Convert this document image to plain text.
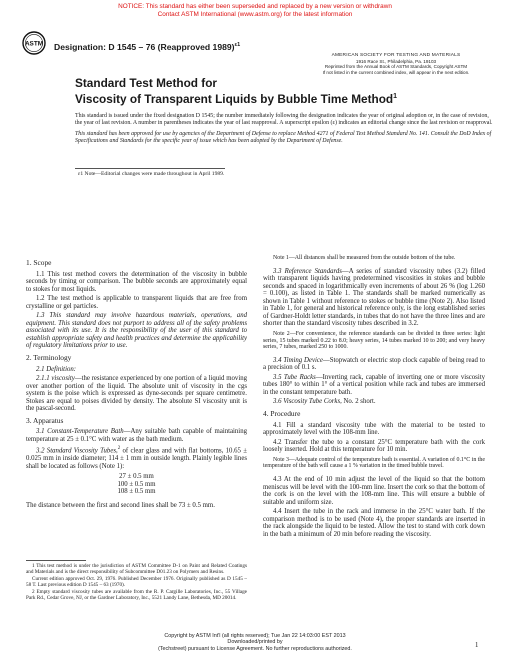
NOTICE: This standard has either been superseded and replaced by a new version or withdrawn
Contact ASTM International (www.astm.org) for the latest information
ASTM Designation: D 1545 – 76 (Reapproved 1989)$^{\varepsilon 1}$
AMERICAN SOCIETY FOR TESTING AND MATERIALS
1916 Race St., Philadelphia, Pa. 19103
Reprinted from the Annual Book of ASTM Standards, Copyright ASTM
If not listed in the current combined index, will appear in the next edition.
Standard Test Method for
Viscosity of Transparent Liquids by Bubble Time Method$^1$

This standard is issued under the fixed designation D 1545; the number immediately following the designation indicates the year of original adoption or, in the case of revision, the year of last revision. A number in parentheses indicates the year of last reapproval. A superscript epsilon (ε) indicates an editorial change since the last revision or reapproval.

This standard has been approved for use by agencies of the Department of Defense to replace Method 4271 of Federal Test Method Standard No. 141. Consult the DoD Index of Specifications and Standards for the specific year of issue which has been adopted by the Department of Defense.

ε1 Note—Editorial changes were made throughout in April 1989.
1. Scope

1.1 This test method covers the determination of the viscosity in bubble seconds by timing or comparison. The bubble seconds are approximately equal to stokes for most liquids.

1.2 The test method is applicable to transparent liquids that are free from crystalline or gel particles.

1.3 This standard may involve hazardous materials, operations, and equipment. This standard does not purport to address all of the safety problems associated with its use. It is the responsibility of the user of this standard to establish appropriate safety and health practices and determine the applicability of regulatory limitations prior to use.

2. Terminology

2.1 Definition:

2.1.1 viscosity—the resistance experienced by one portion of a liquid moving over another portion of the liquid. The absolute unit of viscosity in the cgs system is the poise which is expressed as dyne-seconds per square centimetre. Stokes are equal to poises divided by density. The absolute SI viscosity unit is the pascal-second.

3. Apparatus

3.1 Constant-Temperature Bath—Any suitable bath capable of maintaining temperature at 25 ± 0.1°C with water as the bath medium.

3.2 Standard Viscosity Tubes,$^2$ of clear glass and with flat bottoms, 10.65 ± 0.025 mm in inside diameter; 114 ± 1 mm in outside length. Plainly legible lines shall be located as follows (Note 1):

27 ± 0.5 mm
100 ± 0.5 mm
108 ± 0.5 mm

The distance between the first and second lines shall be 73 ± 0.5 mm.

1 This test method is under the jurisdiction of ASTM Committee D-1 on Paint and Related Coatings and Materials and is the direct responsibility of Subcommittee D01.23 on Polymers and Resins.

Current edition approved Oct. 29, 1976. Published December 1976. Originally published as D 1545 – 58 T. Last previous edition D 1545 – 63 (1970).

2 Empty standard viscosity tubes are available from the R. P. Cargille Laboratories, Inc., 55 Village Park Rd., Cedar Grove, NJ, or the Gardner Laboratory, Inc., 5521 Landy Lane, Bethesda, MD 20014.

Note 1—All distances shall be measured from the outside bottom of the tube.

3.3 Reference Standards—A series of standard viscosity tubes (3.2) filled with transparent liquids having predetermined viscosities in stokes and bubble seconds and spaced in logarithmically even increments of about 26 % (log 1.260 = 0.100), as listed in Table 1. The standards shall be marked numerically as shown in Table 1 without reference to stokes or bubble time (Note 2). Also listed in Table 1, for general and historical reference only, is the long established series of Gardner-Holdt letter standards, in tubes that do not have the three lines and are shorter than the standard viscosity tubes described in 3.2.

Note 2—For convenience, the reference standards can be divided in three series: light series, 15 tubes marked 0.22 to 8.0; heavy series, 14 tubes marked 10 to 200; and very heavy series, 7 tubes, marked 250 to 1000.

3.4 Timing Device—Stopwatch or electric stop clock capable of being read to a precision of 0.1 s.

3.5 Tube Racks—Inverting rack, capable of inverting one or more viscosity tubes 180° to within 1° of a vertical position while rack and tubes are immersed in the constant temperature bath.

3.6 Viscosity Tube Corks, No. 2 short.

4. Procedure

4.1 Fill a standard viscosity tube with the material to be tested to approximately level with the 108-mm line.

4.2 Transfer the tube to a constant 25°C temperature bath with the cork loosely inserted. Hold at this temperature for 10 min.

Note 3—Adequate control of the temperature bath is essential. A variation of 0.1°C in the temperature of the bath will cause a 1 % variation in the timed bubble travel.

4.3 At the end of 10 min adjust the level of the liquid so that the bottom meniscus will be level with the 100-mm line. Insert the cork so that the bottom of the cork is on the level with the 108-mm line. This will ensure a bubble of suitable and uniform size.

4.4 Insert the tube in the rack and immerse in the 25°C water bath. If the comparison method is to be used (Note 4), the proper standards are inserted in the rack alongside the liquid to be tested. Allow the test to stand with cork down in the bath a minimum of 20 min before reading the viscosity.

Copyright by ASTM Int'l (all rights reserved); Tue Jan 22 14:03:00 EST 2013
Downloaded/printed by
(Techstreet) pursuant to License Agreement. No further reproductions authorized.	1
